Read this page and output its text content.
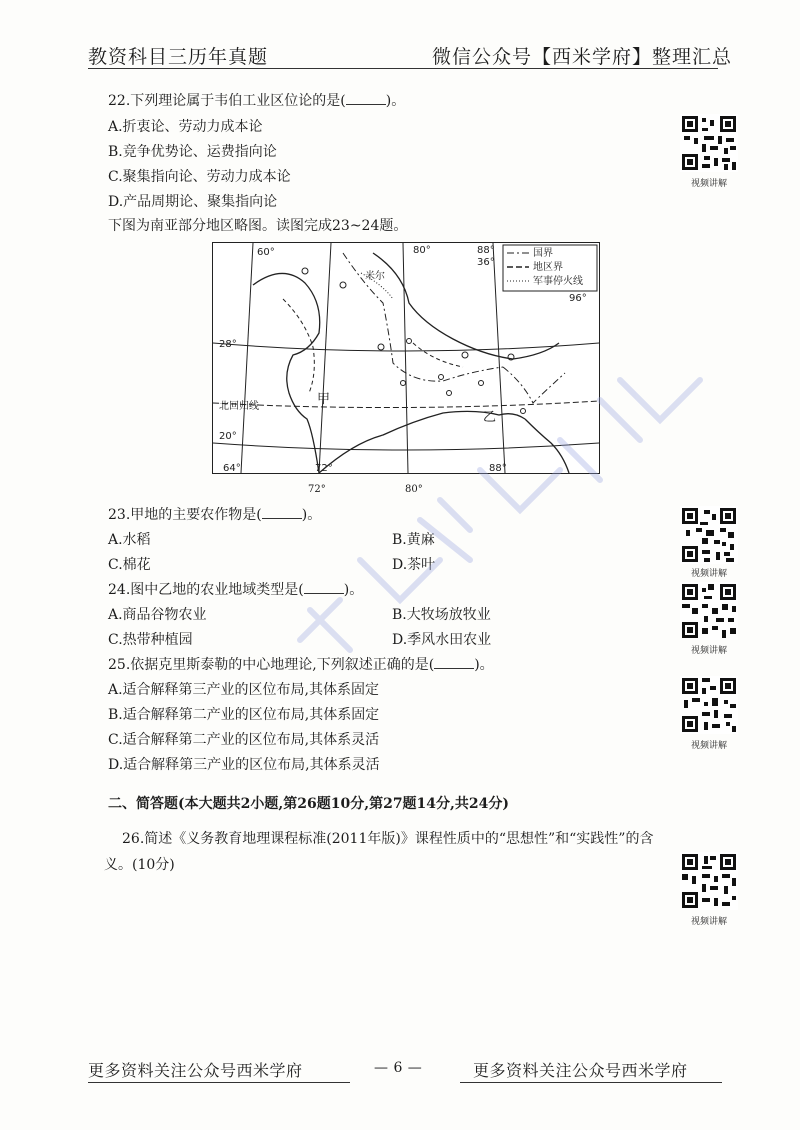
教资科目三历年真题	微信公众号【西米学府】整理汇总
22.下列理论属于韦伯工业区位论的是(	)。
A.折衷论、劳动力成本论
B.竞争优势论、运费指向论
C.聚集指向论、劳动力成本论
D.产品周期论、聚集指向论
下图为南亚部分地区略图。读图完成23~24题。
视频讲解
国界
地区界
军事停火线
60°	80°	88°
36°
96°
28°
米尔
北回归线	甲
乙
20°
64°	72°	88°
72°	80°
23.甲地的主要农作物是(	)。
A.水稻	B.黄麻
C.棉花	D.茶叶
视频讲解
24.图中乙地的农业地域类型是(	)。
A.商品谷物农业	B.大牧场放牧业
C.热带种植园	D.季风水田农业
视频讲解
25.依据克里斯泰勒的中心地理论,下列叙述正确的是(	)。
A.适合解释第三产业的区位布局,其体系固定
B.适合解释第二产业的区位布局,其体系固定
C.适合解释第二产业的区位布局,其体系灵活
D.适合解释第三产业的区位布局,其体系灵活
视频讲解
二、简答题(本大题共2小题,第26题10分,第27题14分,共24分)
26.简述《义务教育地理课程标准(2011年版)》课程性质中的“思想性”和“实践性”的含
义。(10分)
视频讲解
更多资料关注公众号西米学府	— 6 —	更多资料关注公众号西米学府
